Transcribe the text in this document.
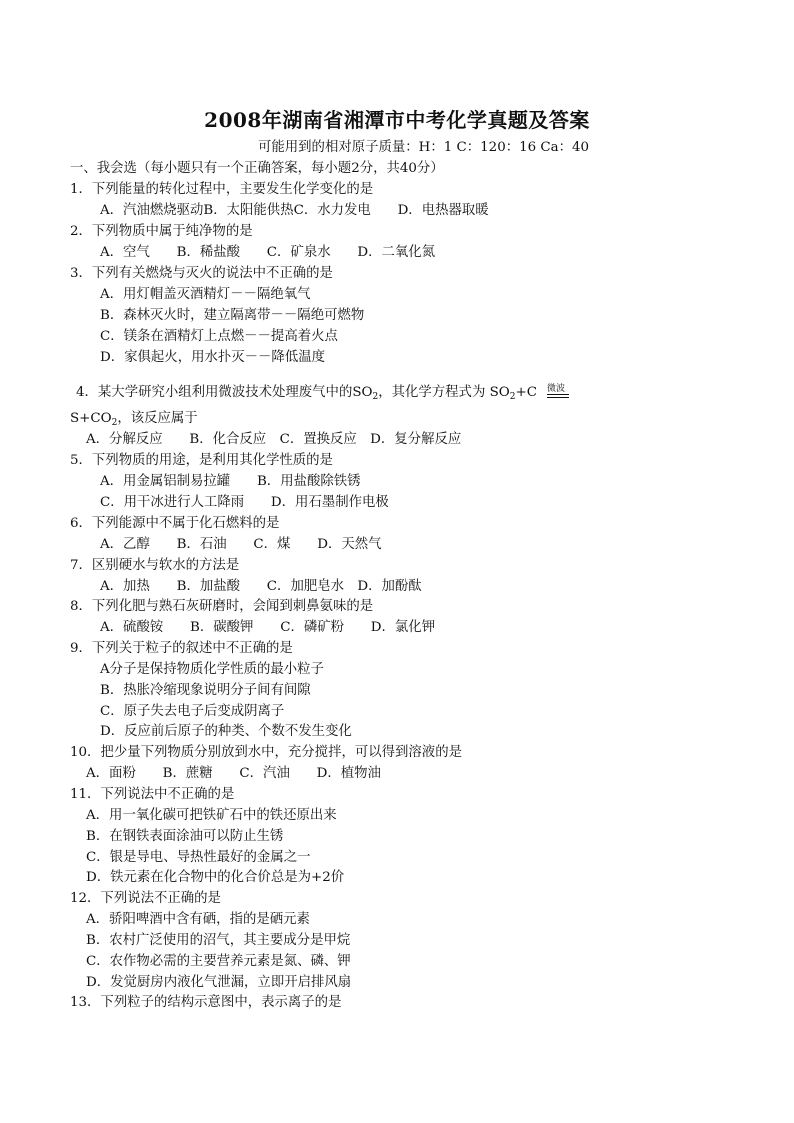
2008年湖南省湘潭市中考化学真题及答案
可能用到的相对原子质量：H：1 C：120：16 Ca：40
一、我会选（每小题只有一个正确答案，每小题2分，共40分）
1．下列能量的转化过程中，主要发生化学变化的是
A．汽油燃烧驱动B．太阳能供热C．水力发电　　D．电热器取暖
2．下列物质中属于纯净物的是
A．空气　　B．稀盐酸　　C．矿泉水　　D．二氧化氮
3．下列有关燃烧与灭火的说法中不正确的是
A．用灯帽盖灭酒精灯－－隔绝氧气
B．森林灭火时，建立隔离带－－隔绝可燃物
C．镁条在酒精灯上点燃－－提高着火点
D．家俱起火，用水扑灭－－降低温度
4．某大学研究小组利用微波技术处理废气中的$SO_2$，其化学方程式为 $SO_2+C$ 微波
$S+CO_2$，该反应属于
A．分解反应　　B．化合反应　C．置换反应　D．复分解反应
5．下列物质的用途，是利用其化学性质的是
A．用金属铝制易拉罐　　B．用盐酸除铁锈
C．用干冰进行人工降雨　　D．用石墨制作电极
6．下列能源中不属于化石燃料的是
A．乙醇　　B．石油　　C．煤　　D．天然气
7．区别硬水与软水的方法是
A．加热　　B．加盐酸　　C．加肥皂水　D．加酚酞
8．下列化肥与熟石灰研磨时，会闻到刺鼻氨味的是
A．硫酸铵　　B．碳酸钾　　C．磷矿粉　　D．氯化钾
9．下列关于粒子的叙述中不正确的是
A分子是保持物质化学性质的最小粒子
B．热胀冷缩现象说明分子间有间隙
C．原子失去电子后变成阴离子
D．反应前后原子的种类、个数不发生变化
10．把少量下列物质分别放到水中，充分搅拌，可以得到溶液的是
A．面粉　　B．蔗糖　　C．汽油　　D．植物油
11．下列说法中不正确的是
A．用一氧化碳可把铁矿石中的铁还原出来
B．在钢铁表面涂油可以防止生锈
C．银是导电、导热性最好的金属之一
D．铁元素在化合物中的化合价总是为+2价
12．下列说法不正确的是
A．骄阳啤酒中含有硒，指的是硒元素
B．农村广泛使用的沼气，其主要成分是甲烷
C．农作物必需的主要营养元素是氮、磷、钾
D．发觉厨房内液化气泄漏，立即开启排风扇
13．下列粒子的结构示意图中，表示离子的是
